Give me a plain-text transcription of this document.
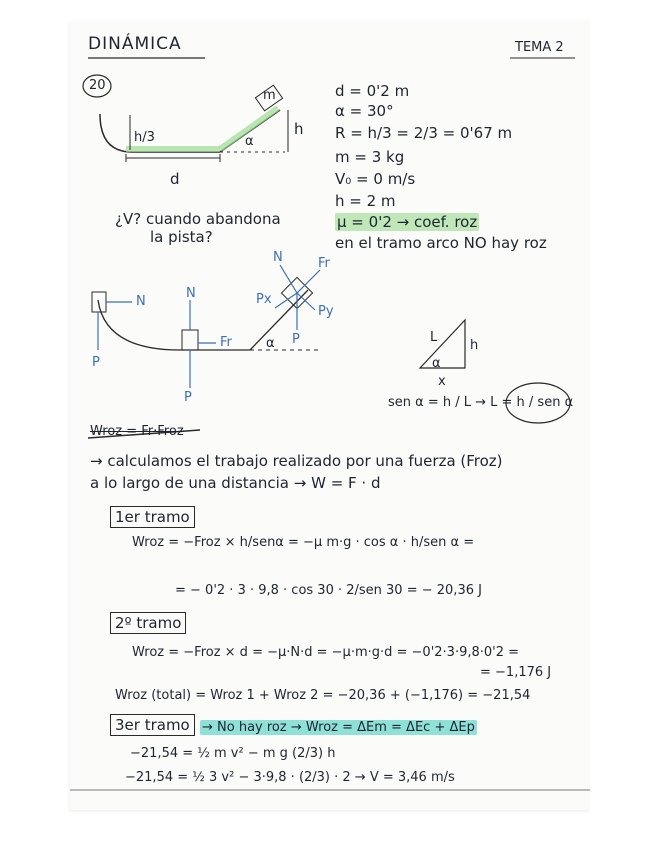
DINÁMICA	TEMA 2
20
h/3
d
α
h
m	d = 0'2 m
α = 30°
R = h/3 = 2/3 = 0'67 m
m = 3 kg
V₀ = 0 m/s
h = 2 m
μ = 0'2 → coef. roz
en el tramo arco NO hay roz
¿V? cuando abandona
la pista?
N
P
N
P
Fr
N	Fr
Px
Py
P
α	L
h
α
x
sen α = h / L → L = h / sen α
Wroz = Fr·Froz
→ calculamos el trabajo realizado por una fuerza (Froz)
a lo largo de una distancia → W = F · d
1er tramo
Wroz = −Froz × h/senα = −μ m·g · cos α · h/sen α =
= − 0'2 · 3 · 9,8 · cos 30 · 2/sen 30 = − 20,36 J
2º tramo
Wroz = −Froz × d = −μ·N·d = −μ·m·g·d = −0'2·3·9,8·0'2 =
= −1,176 J
Wroz (total) = Wroz 1 + Wroz 2 = −20,36 + (−1,176) = −21,54
3er tramo → No hay roz → Wroz = ΔEm = ΔEc + ΔEp
−21,54 = ½ m v² − m g (2/3) h
−21,54 = ½ 3 v² − 3·9,8 · (2/3) · 2 → V = 3,46 m/s
